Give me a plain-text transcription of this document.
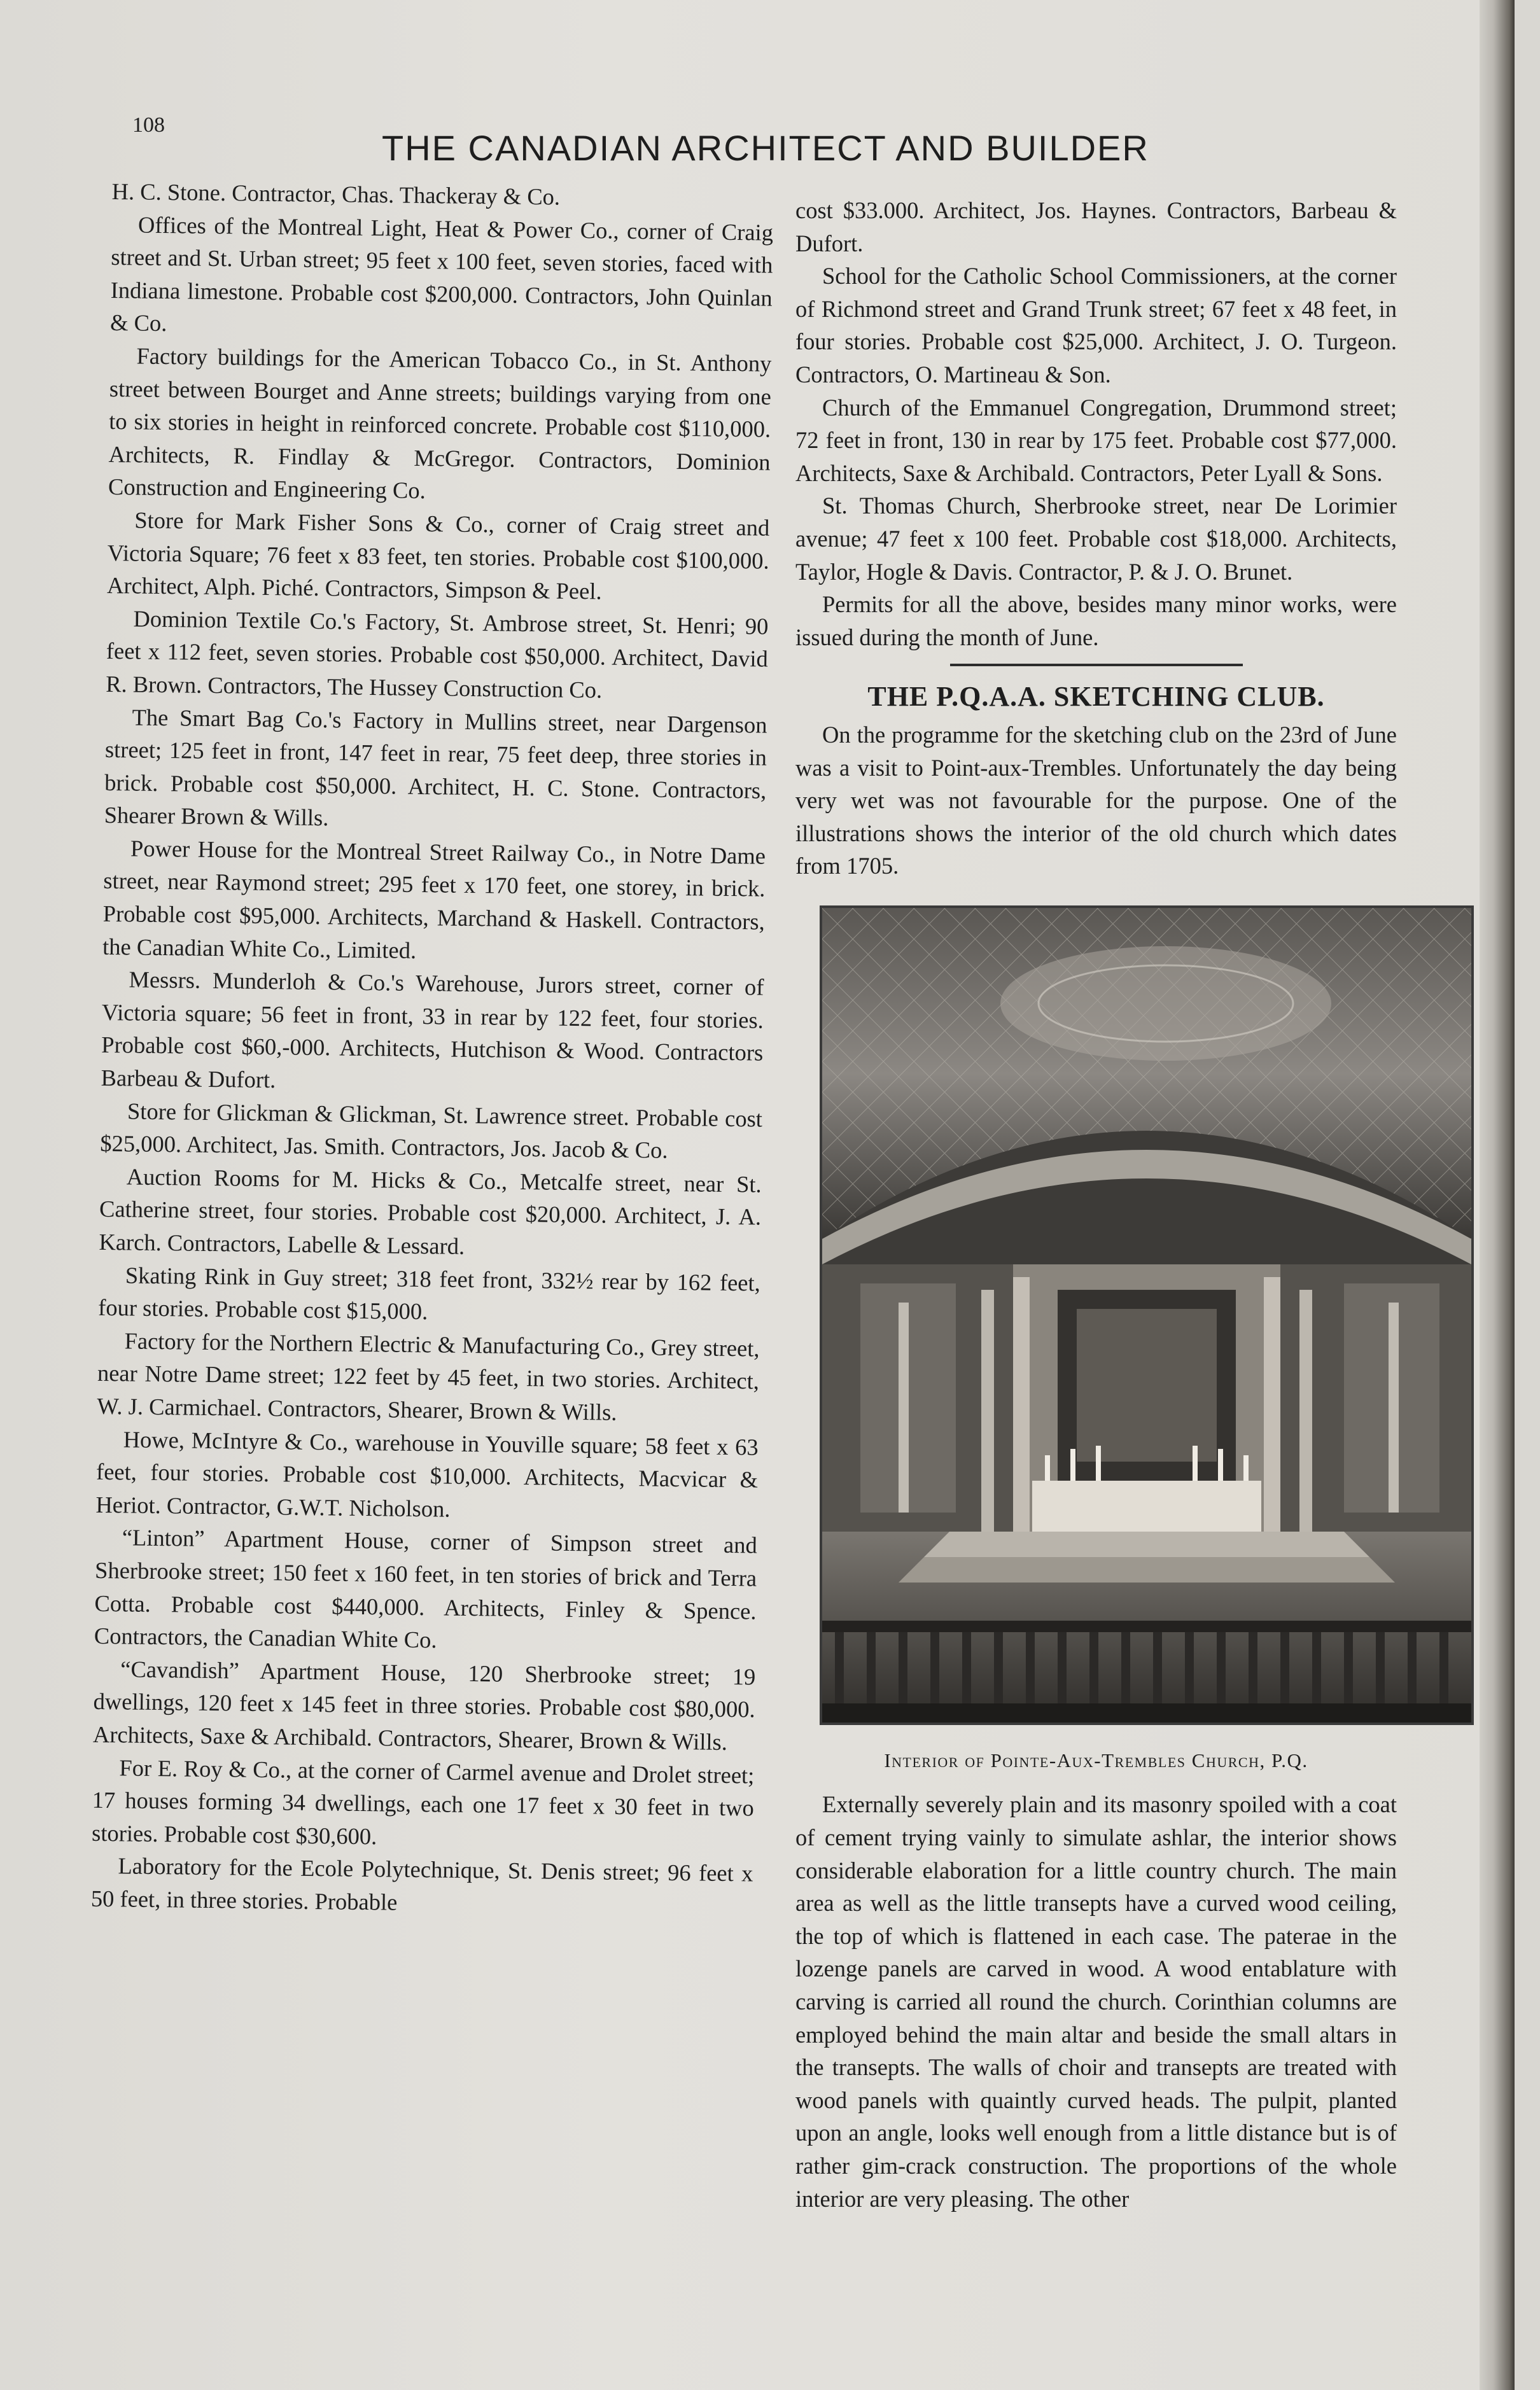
108
THE CANADIAN ARCHITECT AND BUILDER

H. C. Stone. Contractor, Chas. Thackeray & Co.

Offices of the Montreal Light, Heat & Power Co., corner of Craig street and St. Urban street; 95 feet x 100 feet, seven stories, faced with Indiana limestone. Probable cost $200,000. Contractors, John Quinlan & Co.

Factory buildings for the American Tobacco Co., in St. Anthony street between Bourget and Anne streets; buildings varying from one to six stories in height in reinforced concrete. Probable cost $110,000. Architects, R. Findlay & McGregor. Contractors, Dominion Construction and Engineering Co.

Store for Mark Fisher Sons & Co., corner of Craig street and Victoria Square; 76 feet x 83 feet, ten stories. Probable cost $100,000. Architect, Alph. Piché. Contractors, Simpson & Peel.

Dominion Textile Co.'s Factory, St. Ambrose street, St. Henri; 90 feet x 112 feet, seven stories. Probable cost $50,000. Architect, David R. Brown. Contractors, The Hussey Construction Co.

The Smart Bag Co.'s Factory in Mullins street, near Dargenson street; 125 feet in front, 147 feet in rear, 75 feet deep, three stories in brick. Probable cost $50,000. Architect, H. C. Stone. Contractors, Shearer Brown & Wills.

Power House for the Montreal Street Railway Co., in Notre Dame street, near Raymond street; 295 feet x 170 feet, one storey, in brick. Probable cost $95,000. Architects, Marchand & Haskell. Contractors, the Canadian White Co., Limited.

Messrs. Munderloh & Co.'s Warehouse, Jurors street, corner of Victoria square; 56 feet in front, 33 in rear by 122 feet, four stories. Probable cost $60,-000. Architects, Hutchison & Wood. Contractors Barbeau & Dufort.

Store for Glickman & Glickman, St. Lawrence street. Probable cost $25,000. Architect, Jas. Smith. Contractors, Jos. Jacob & Co.

Auction Rooms for M. Hicks & Co., Metcalfe street, near St. Catherine street, four stories. Probable cost $20,000. Architect, J. A. Karch. Contractors, Labelle & Lessard.

Skating Rink in Guy street; 318 feet front, 332½ rear by 162 feet, four stories. Probable cost $15,000.

Factory for the Northern Electric & Manufacturing Co., Grey street, near Notre Dame street; 122 feet by 45 feet, in two stories. Architect, W. J. Carmichael. Contractors, Shearer, Brown & Wills.

Howe, McIntyre & Co., warehouse in Youville square; 58 feet x 63 feet, four stories. Probable cost $10,000. Architects, Macvicar & Heriot. Contractor, G.W.T. Nicholson.

“Linton” Apartment House, corner of Simpson street and Sherbrooke street; 150 feet x 160 feet, in ten stories of brick and Terra Cotta. Probable cost $440,000. Architects, Finley & Spence. Contractors, the Canadian White Co.

“Cavandish” Apartment House, 120 Sherbrooke street; 19 dwellings, 120 feet x 145 feet in three stories. Probable cost $80,000. Architects, Saxe & Archibald. Contractors, Shearer, Brown & Wills.

For E. Roy & Co., at the corner of Carmel avenue and Drolet street; 17 houses forming 34 dwellings, each one 17 feet x 30 feet in two stories. Probable cost $30,600.

Laboratory for the Ecole Polytechnique, St. Denis street; 96 feet x 50 feet, in three stories. Probable

cost $33.000. Architect, Jos. Haynes. Contractors, Barbeau & Dufort.

School for the Catholic School Commissioners, at the corner of Richmond street and Grand Trunk street; 67 feet x 48 feet, in four stories. Probable cost $25,000. Architect, J. O. Turgeon. Contractors, O. Martineau & Son.

Church of the Emmanuel Congregation, Drummond street; 72 feet in front, 130 in rear by 175 feet. Probable cost $77,000. Architects, Saxe & Archibald. Contractors, Peter Lyall & Sons.

St. Thomas Church, Sherbrooke street, near De Lorimier avenue; 47 feet x 100 feet. Probable cost $18,000. Architects, Taylor, Hogle & Davis. Contractor, P. & J. O. Brunet.

Permits for all the above, besides many minor works, were issued during the month of June.

THE P.Q.A.A. SKETCHING CLUB.

On the programme for the sketching club on the 23rd of June was a visit to Point-aux-Trembles. Unfortunately the day being very wet was not favourable for the purpose. One of the illustrations shows the interior of the old church which dates from 1705.

Interior of Pointe-Aux-Trembles Church, P.Q.

Externally severely plain and its masonry spoiled with a coat of cement trying vainly to simulate ashlar, the interior shows considerable elaboration for a little country church. The main area as well as the little transepts have a curved wood ceiling, the top of which is flattened in each case. The paterae in the lozenge panels are carved in wood. A wood entablature with carving is carried all round the church. Corinthian columns are employed behind the main altar and beside the small altars in the transepts. The walls of choir and transepts are treated with wood panels with quaintly curved heads. The pulpit, planted upon an angle, looks well enough from a little distance but is of rather gim-crack construction. The proportions of the whole interior are very pleasing. The other
